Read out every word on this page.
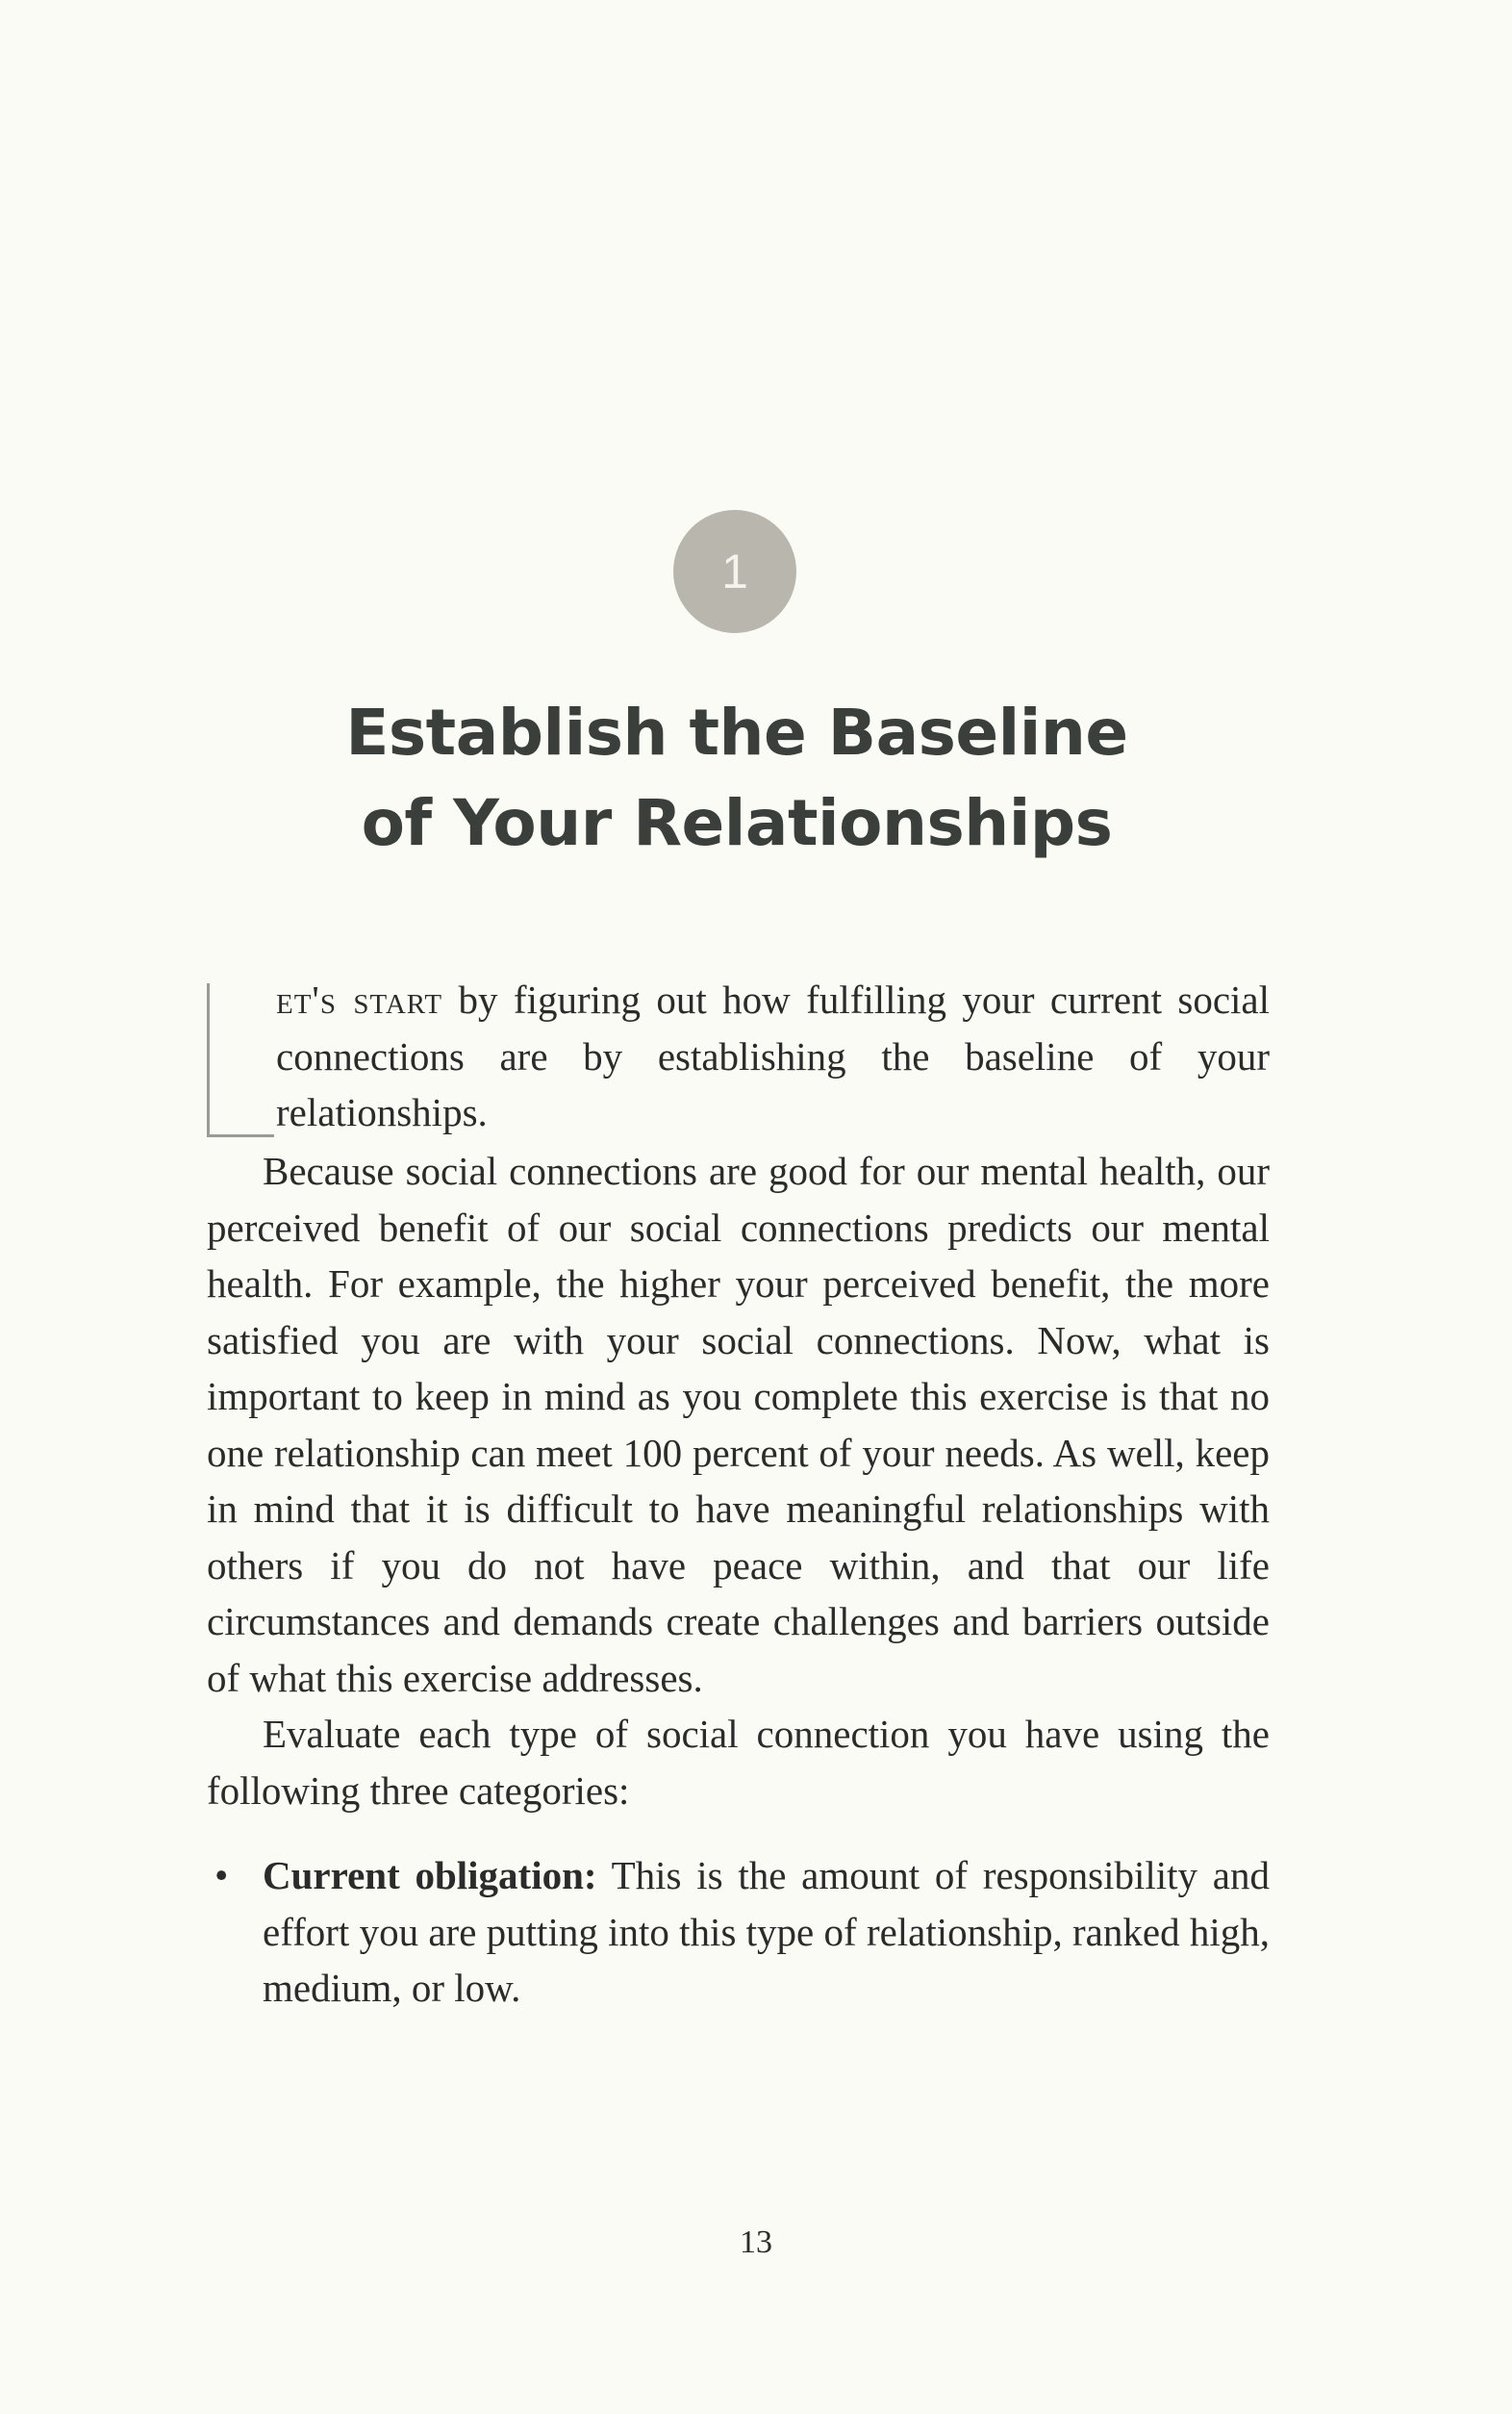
1
Establish the Baseline
of Your Relationships
et's start by figuring out how fulfilling your current social connections are by establishing the baseline of your relationships.

Because social connections are good for our mental health, our perceived benefit of our social connections predicts our mental health. For example, the higher your perceived benefit, the more satisfied you are with your social connections. Now, what is important to keep in mind as you complete this exercise is that no one relationship can meet 100 percent of your needs. As well, keep in mind that it is difficult to have meaningful relationships with others if you do not have peace within, and that our life circumstances and demands create challenges and barriers outside of what this exercise addresses.

Evaluate each type of social connection you have using the following three categories:

• Current obligation: This is the amount of responsibility and effort you are putting into this type of relationship, ranked high, medium, or low.
13
